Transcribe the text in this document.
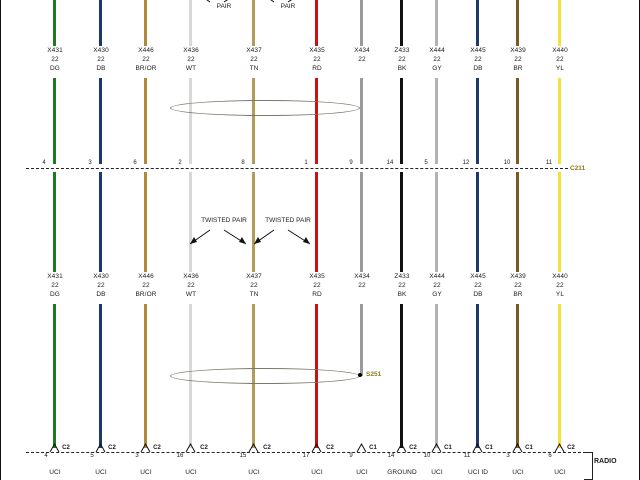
PAIR	PAIR
X431
22
DG
X430
22
DB
X446
22
BR/OR
X436
22
WT
X437
22
TN
X435
22
RD
X434
22
Z433
22
BK
X444
22
GY
X445
22
DB
X439
22
BR
X440
22
YL
4	3	6	2	8	1	9	14	5	12	10	11
C211
TWISTED PAIR	TWISTED PAIR
X431
22
DG
X430
22
DB
X446
22
BR/OR
X436
22
WT
X437
22
TN
X435
22
RD
X434
22
Z433
22
BK
X444
22
GY
X445
22
DB
X439
22
BR
X440
22
YL
S251
C2	C2	C2	C2	C2	C2	C1	C2	C1	C1	C1	C2
4	5	3	16	15	17	9	14	10	11	3	6
UCI	UCI	UCI	UCI	UCI	UCI	UCI	GROUND UCI	UCI ID	UCI	UCI
RADIO
